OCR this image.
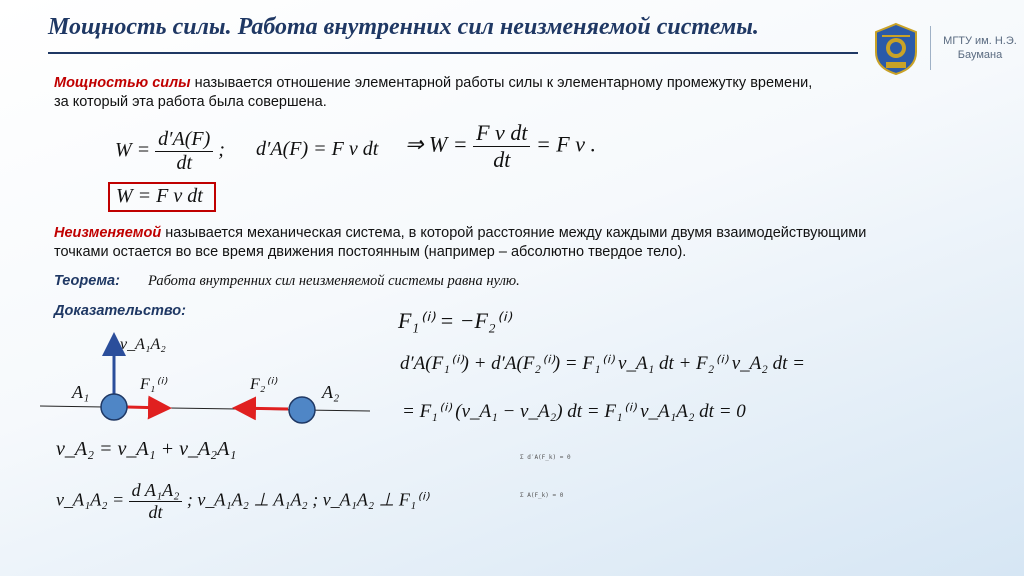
Мощность силы. Работа внутренних сил неизменяемой системы.
МГТУ им. Н.Э. Баумана
Мощностью силы называется отношение элементарной работы силы к элементарному промежутку времени, за который эта работа была совершена.
$W = \frac{d'A(F)}{dt}$ ; d′A(F) = F v dt ⇒ $W = \frac{\text{F v dt}}{dt} = F$ v .
W = F v dt
Неизменяемой называется механическая система, в которой расстояние между каждыми двумя взаимодействующими точками остается во все время движения постоянным (например – абсолютно твердое тело).
Теорема: Работа внутренних сил неизменяемой системы равна нулю.
Доказательство:
v_A₁A₂
A₁	F₁⁽ⁱ⁾	F₂⁽ⁱ⁾	A₂
v_A₂ = v_A₁ + v_A₂A₁
v_A₁A₂ = $\frac{\text{d A₁A₂}}{dt}$ ; v_A₁A₂ ⊥ A₁A₂ ; v_A₁A₂ ⊥ F₁⁽ⁱ⁾
F₁⁽ⁱ⁾ = −F₂⁽ⁱ⁾
d′A(F₁⁽ⁱ⁾) + d′A(F₂⁽ⁱ⁾) = F₁⁽ⁱ⁾ v_A₁ dt + F₂⁽ⁱ⁾ v_A₂ dt =
= F₁⁽ⁱ⁾ (v_A₁ − v_A₂) dt = F₁⁽ⁱ⁾ v_A₁A₂ dt = 0
Σ d′A(F_k) = 0
Σ A(F_k) = 0
